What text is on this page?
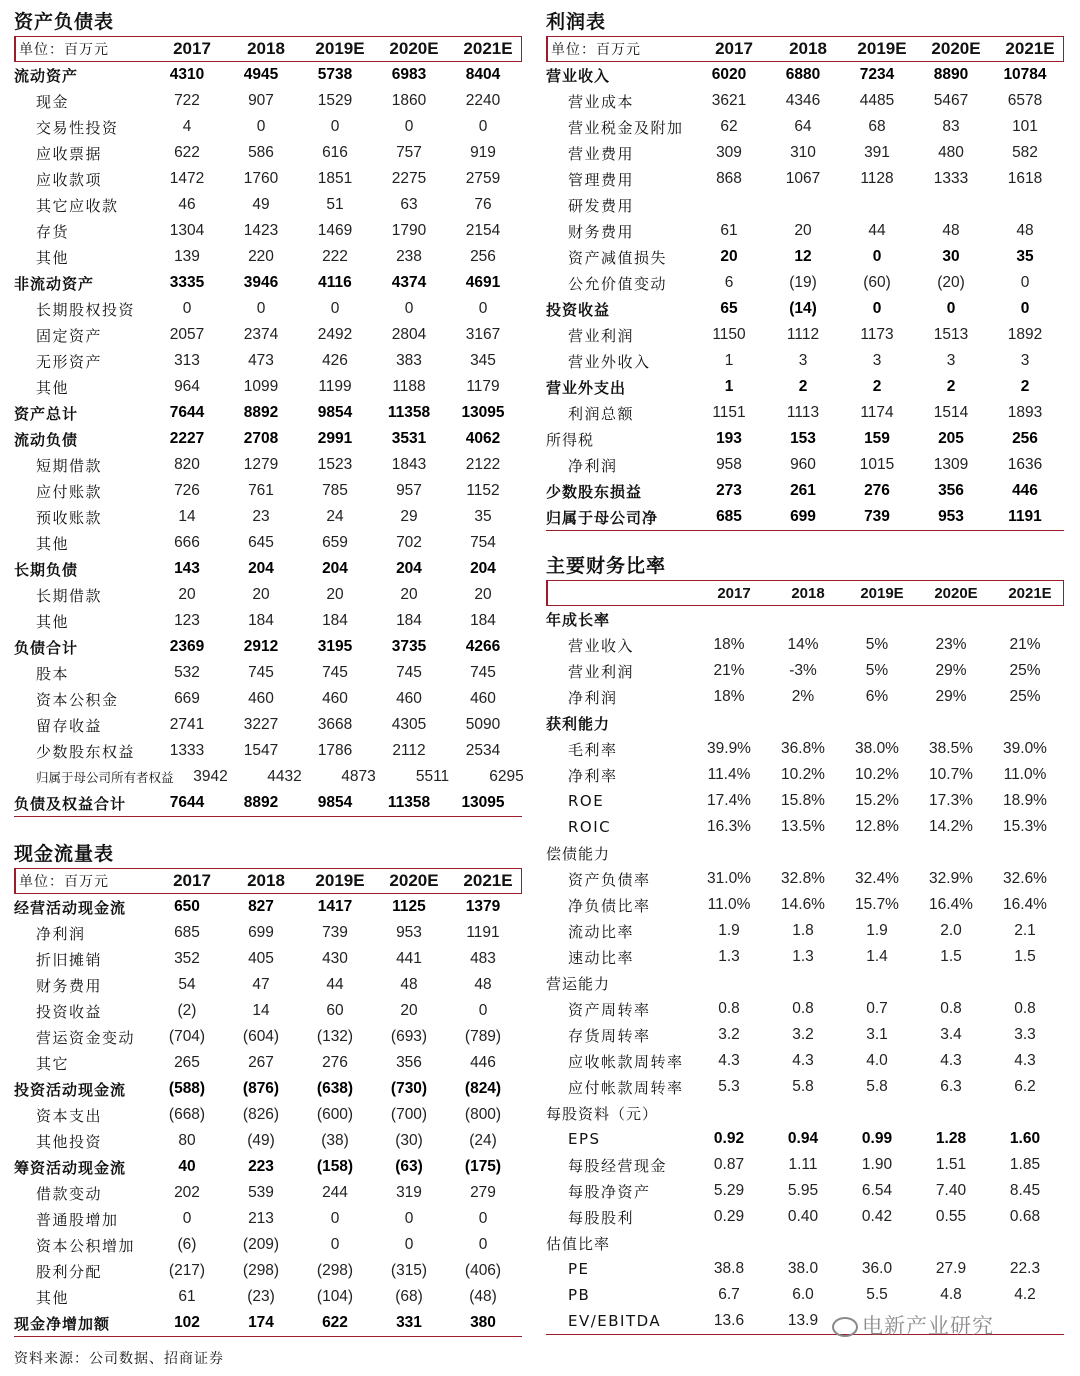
资产负债表
单位：百万元	2017	2018	2019E	2020E	2021E
流动资产	4310	4945	5738	6983	8404
现金	722	907	1529	1860	2240
交易性投资	4	0	0	0	0
应收票据	622	586	616	757	919
应收款项	1472	1760	1851	2275	2759
其它应收款	46	49	51	63	76
存货	1304	1423	1469	1790	2154
其他	139	220	222	238	256
非流动资产	3335	3946	4116	4374	4691
长期股权投资	0	0	0	0	0
固定资产	2057	2374	2492	2804	3167
无形资产	313	473	426	383	345
其他	964	1099	1199	1188	1179
资产总计	7644	8892	9854	11358	13095
流动负债	2227	2708	2991	3531	4062
短期借款	820	1279	1523	1843	2122
应付账款	726	761	785	957	1152
预收账款	14	23	24	29	35
其他	666	645	659	702	754
长期负债	143	204	204	204	204
长期借款	20	20	20	20	20
其他	123	184	184	184	184
负债合计	2369	2912	3195	3735	4266
股本	532	745	745	745	745
资本公积金	669	460	460	460	460
留存收益	2741	3227	3668	4305	5090
少数股东权益	1333	1547	1786	2112	2534
归属于母公司所有者权益	3942	4432	4873	5511	6295
负债及权益合计	7644	8892	9854	11358	13095
现金流量表
单位：百万元	2017	2018	2019E	2020E	2021E
经营活动现金流	650	827	1417	1125	1379
净利润	685	699	739	953	1191
折旧摊销	352	405	430	441	483
财务费用	54	47	44	48	48
投资收益	(2)	14	60	20	0
营运资金变动	(704)	(604)	(132)	(693)	(789)
其它	265	267	276	356	446
投资活动现金流	(588)	(876)	(638)	(730)	(824)
资本支出	(668)	(826)	(600)	(700)	(800)
其他投资	80	(49)	(38)	(30)	(24)
筹资活动现金流	40	223	(158)	(63)	(175)
借款变动	202	539	244	319	279
普通股增加	0	213	0	0	0
资本公积增加	(6)	(209)	0	0	0
股利分配	(217)	(298)	(298)	(315)	(406)
其他	61	(23)	(104)	(68)	(48)
现金净增加额	102	174	622	331	380
利润表
单位：百万元	2017	2018	2019E	2020E	2021E
营业收入	6020	6880	7234	8890	10784
营业成本	3621	4346	4485	5467	6578
营业税金及附加	62	64	68	83	101
营业费用	309	310	391	480	582
管理费用	868	1067	1128	1333	1618
研发费用
财务费用	61	20	44	48	48
资产减值损失	20	12	0	30	35
公允价值变动	6	(19)	(60)	(20)	0
投资收益	65	(14)	0	0	0
营业利润	1150	1112	1173	1513	1892
营业外收入	1	3	3	3	3
营业外支出	1	2	2	2	2
利润总额	1151	1113	1174	1514	1893
所得税	193	153	159	205	256
净利润	958	960	1015	1309	1636
少数股东损益	273	261	276	356	446
归属于母公司净	685	699	739	953	1191
主要财务比率
2017	2018	2019E	2020E	2021E
年成长率
营业收入	18%	14%	5%	23%	21%
营业利润	21%	-3%	5%	29%	25%
净利润	18%	2%	6%	29%	25%
获利能力
毛利率	39.9%	36.8%	38.0%	38.5%	39.0%
净利率	11.4%	10.2%	10.2%	10.7%	11.0%
ROE	17.4%	15.8%	15.2%	17.3%	18.9%
ROIC	16.3%	13.5%	12.8%	14.2%	15.3%
偿债能力
资产负债率	31.0%	32.8%	32.4%	32.9%	32.6%
净负债比率	11.0%	14.6%	15.7%	16.4%	16.4%
流动比率	1.9	1.8	1.9	2.0	2.1
速动比率	1.3	1.3	1.4	1.5	1.5
营运能力
资产周转率	0.8	0.8	0.7	0.8	0.8
存货周转率	3.2	3.2	3.1	3.4	3.3
应收帐款周转率	4.3	4.3	4.0	4.3	4.3
应付帐款周转率	5.3	5.8	5.8	6.3	6.2
每股资料（元）
EPS	0.92	0.94	0.99	1.28	1.60
每股经营现金	0.87	1.11	1.90	1.51	1.85
每股净资产	5.29	5.95	6.54	7.40	8.45
每股股利	0.29	0.40	0.42	0.55	0.68
估值比率
PE	38.8	38.0	36.0	27.9	22.3
PB	6.7	6.0	5.5	4.8	4.2
EV/EBITDA	13.6	13.9
资料来源：公司数据、招商证券
电新产业研究
